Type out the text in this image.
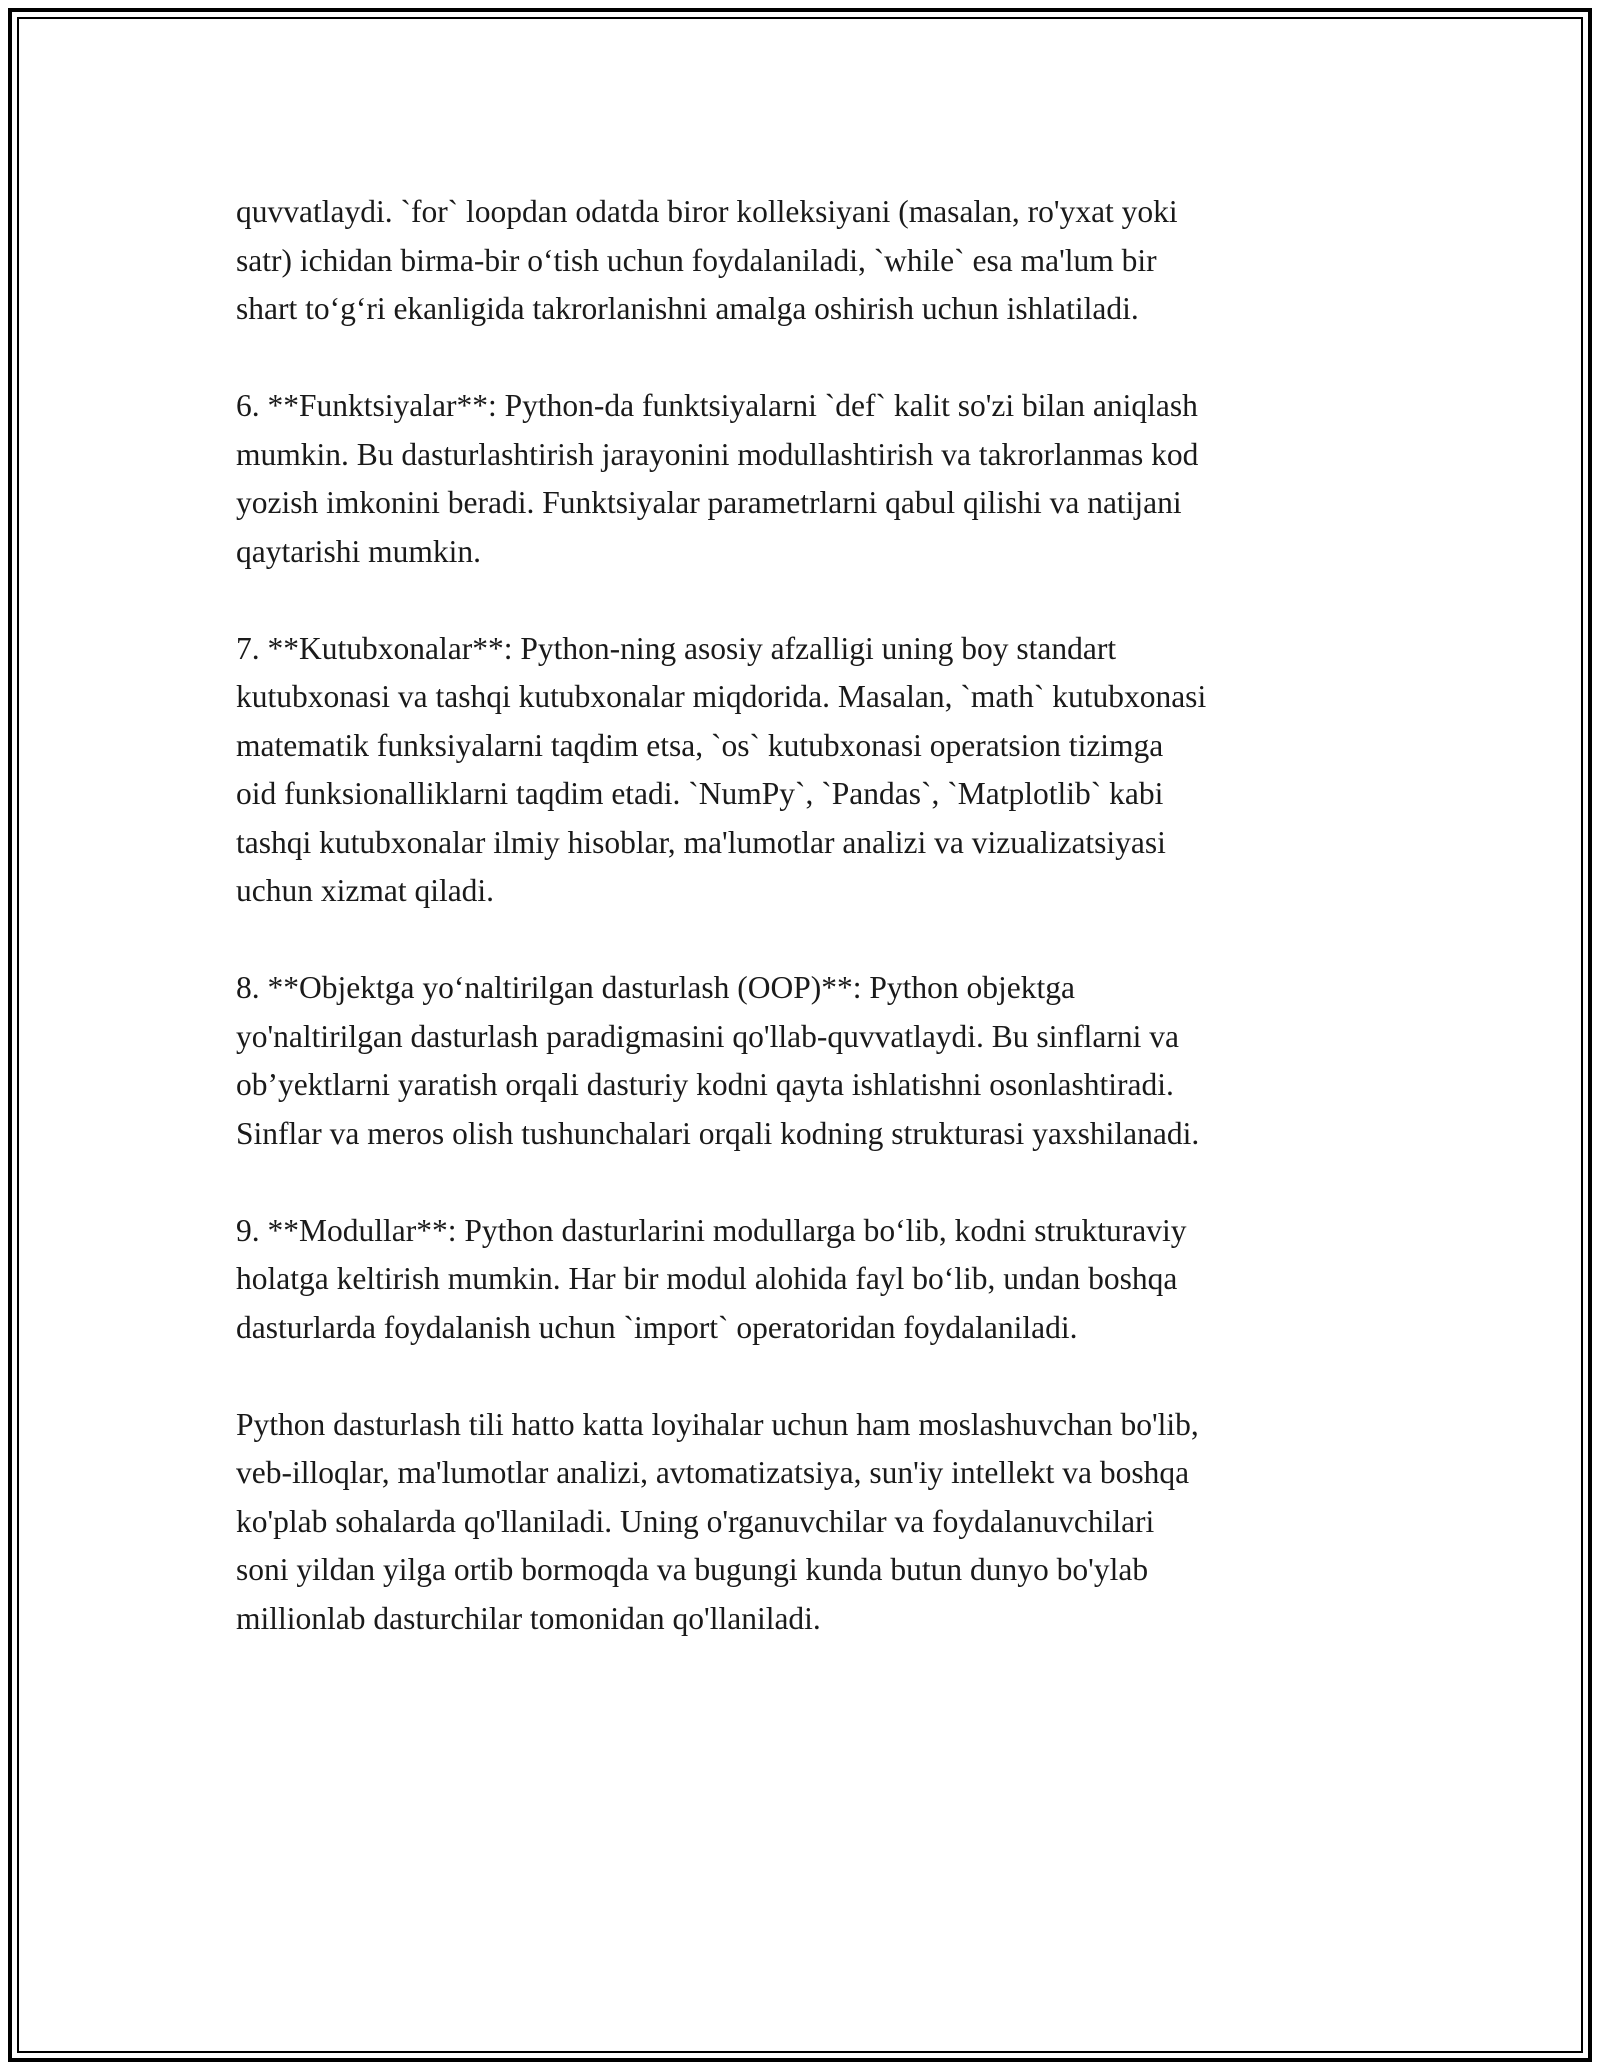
quvvatlaydi. `for` loopdan odatda biror kolleksiyani (masalan, ro'yxat yoki
satr) ichidan birma-bir o‘tish uchun foydalaniladi, `while` esa ma'lum bir
shart to‘g‘ri ekanligida takrorlanishni amalga oshirish uchun ishlatiladi.

6. **Funktsiyalar**: Python-da funktsiyalarni `def` kalit so'zi bilan aniqlash
mumkin. Bu dasturlashtirish jarayonini modullashtirish va takrorlanmas kod
yozish imkonini beradi. Funktsiyalar parametrlarni qabul qilishi va natijani
qaytarishi mumkin.

7. **Kutubxonalar**: Python-ning asosiy afzalligi uning boy standart
kutubxonasi va tashqi kutubxonalar miqdorida. Masalan, `math` kutubxonasi
matematik funksiyalarni taqdim etsa, `os` kutubxonasi operatsion tizimga
oid funksionalliklarni taqdim etadi. `NumPy`, `Pandas`, `Matplotlib` kabi
tashqi kutubxonalar ilmiy hisoblar, ma'lumotlar analizi va vizualizatsiyasi
uchun xizmat qiladi.

8. **Objektga yo‘naltirilgan dasturlash (OOP)**: Python objektga
yo'naltirilgan dasturlash paradigmasini qo'llab-quvvatlaydi. Bu sinflarni va
ob’yektlarni yaratish orqali dasturiy kodni qayta ishlatishni osonlashtiradi.
Sinflar va meros olish tushunchalari orqali kodning strukturasi yaxshilanadi.

9. **Modullar**: Python dasturlarini modullarga bo‘lib, kodni strukturaviy
holatga keltirish mumkin. Har bir modul alohida fayl bo‘lib, undan boshqa
dasturlarda foydalanish uchun `import` operatoridan foydalaniladi.

Python dasturlash tili hatto katta loyihalar uchun ham moslashuvchan bo'lib,
veb-illoqlar, ma'lumotlar analizi, avtomatizatsiya, sun'iy intellekt va boshqa
ko'plab sohalarda qo'llaniladi. Uning o'rganuvchilar va foydalanuvchilari
soni yildan yilga ortib bormoqda va bugungi kunda butun dunyo bo'ylab
millionlab dasturchilar tomonidan qo'llaniladi.
